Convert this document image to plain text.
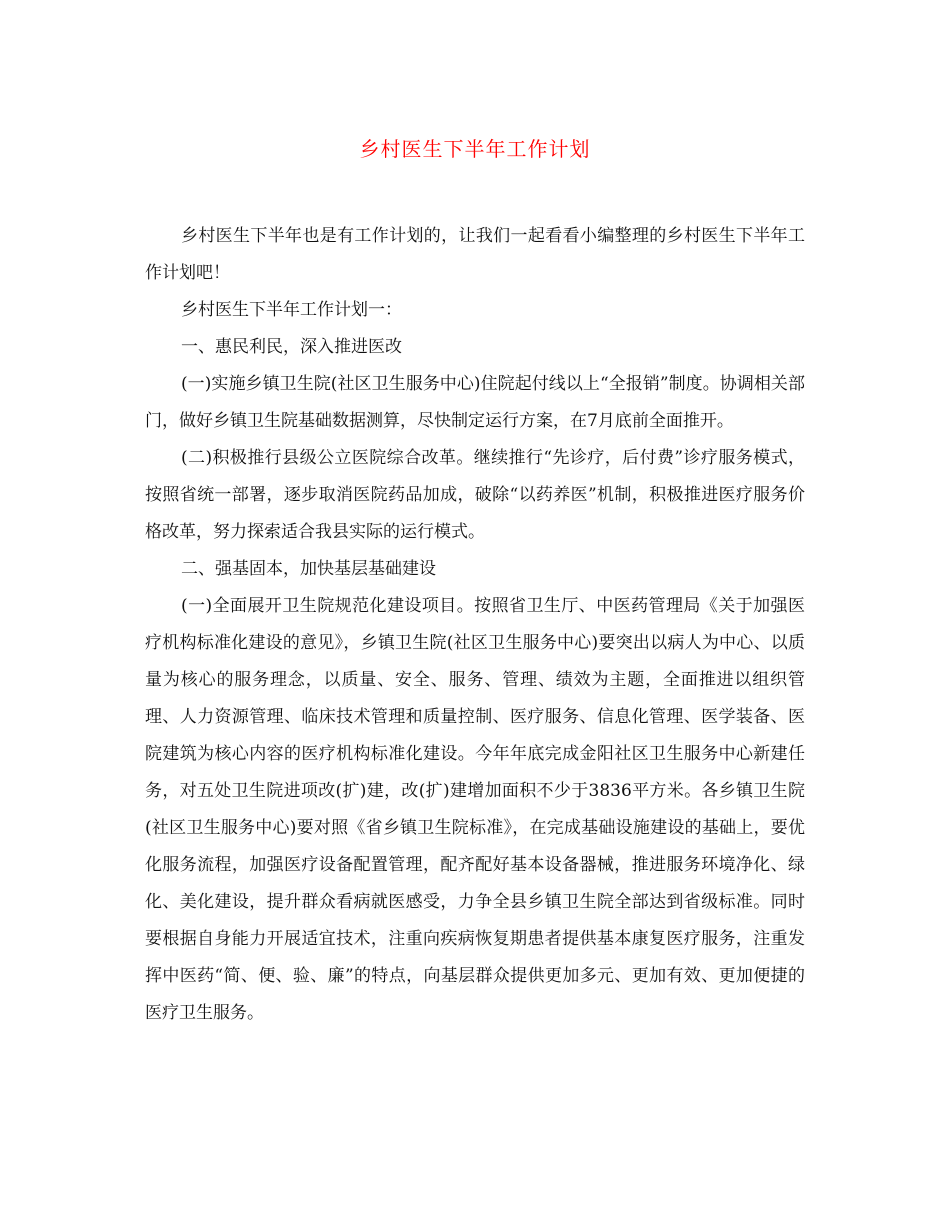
乡村医生下半年工作计划

乡村医生下半年也是有工作计划的，让我们一起看看小编整理的乡村医生下半年工作计划吧！

乡村医生下半年工作计划一：

一、惠民利民，深入推进医改

(一)实施乡镇卫生院(社区卫生服务中心)住院起付线以上“全报销”制度。协调相关部门，做好乡镇卫生院基础数据测算，尽快制定运行方案，在7月底前全面推开。

(二)积极推行县级公立医院综合改革。继续推行“先诊疗，后付费”诊疗服务模式，按照省统一部署，逐步取消医院药品加成，破除“以药养医”机制，积极推进医疗服务价格改革，努力探索适合我县实际的运行模式。

二、强基固本，加快基层基础建设

(一)全面展开卫生院规范化建设项目。按照省卫生厅、中医药管理局《关于加强医疗机构标准化建设的意见》，乡镇卫生院(社区卫生服务中心)要突出以病人为中心、以质量为核心的服务理念，以质量、安全、服务、管理、绩效为主题，全面推进以组织管理、人力资源管理、临床技术管理和质量控制、医疗服务、信息化管理、医学装备、医院建筑为核心内容的医疗机构标准化建设。今年年底完成金阳社区卫生服务中心新建任务，对五处卫生院进项改(扩)建，改(扩)建增加面积不少于3836平方米。各乡镇卫生院(社区卫生服务中心)要对照《省乡镇卫生院标准》，在完成基础设施建设的基础上，要优化服务流程，加强医疗设备配置管理，配齐配好基本设备器械，推进服务环境净化、绿化、美化建设，提升群众看病就医感受，力争全县乡镇卫生院全部达到省级标准。同时要根据自身能力开展适宜技术，注重向疾病恢复期患者提供基本康复医疗服务，注重发挥中医药“简、便、验、廉”的特点，向基层群众提供更加多元、更加有效、更加便捷的医疗卫生服务。
